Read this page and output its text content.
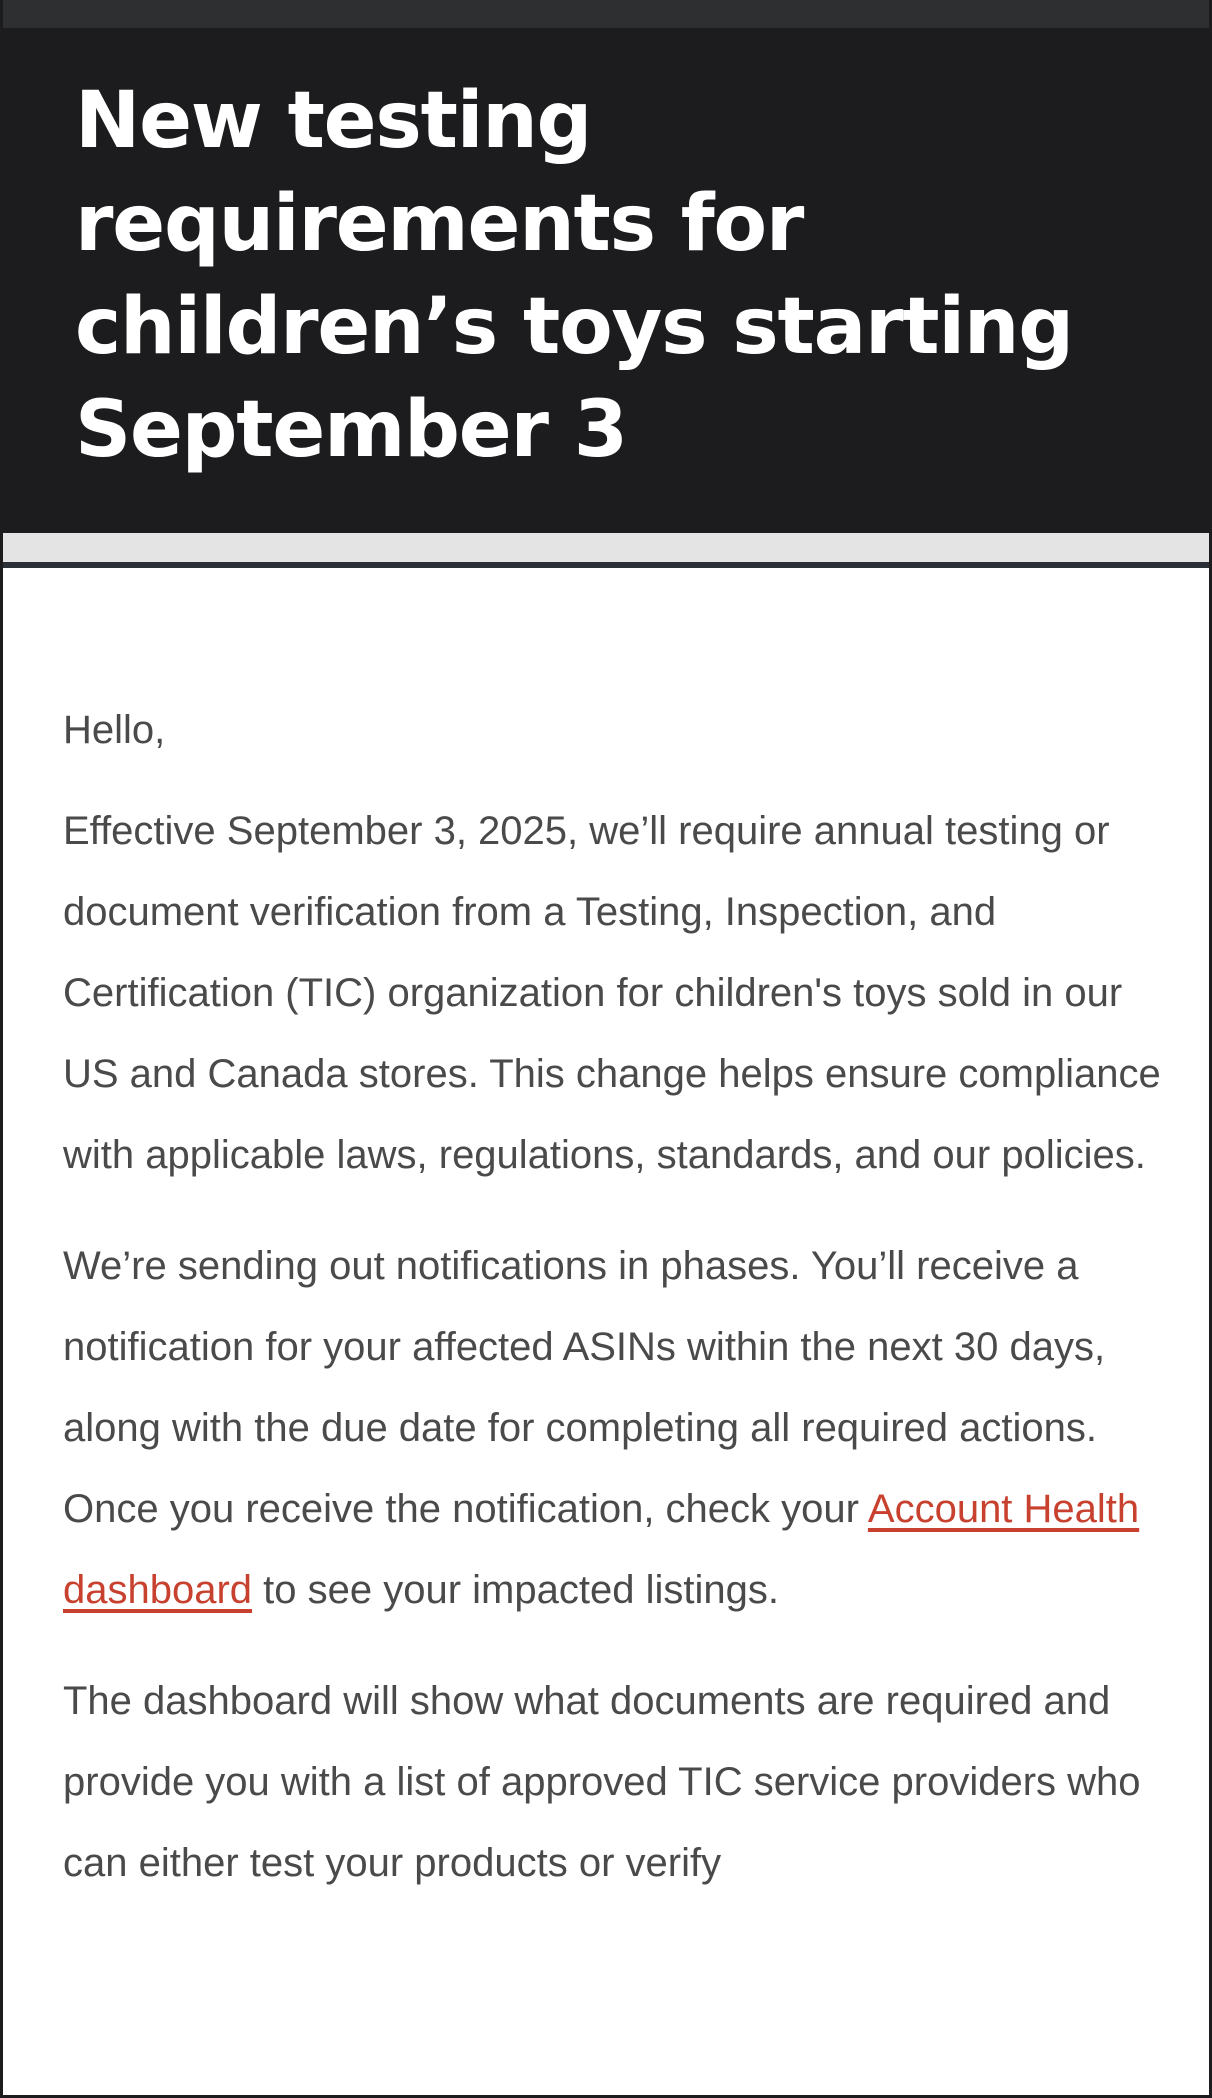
New testing requirements for children’s toys starting September 3

Hello,

Effective September 3, 2025, we’ll require annual testing or document verification from a Testing, Inspection, and Certification (TIC) organization for children's toys sold in our US and Canada stores. This change helps ensure compliance with applicable laws, regulations, standards, and our policies.

We’re sending out notifications in phases. You’ll receive a notification for your affected ASINs within the next 30 days, along with the due date for completing all required actions. Once you receive the notification, check your Account Health dashboard to see your impacted listings.

The dashboard will show what documents are required and provide you with a list of approved TIC service providers who can either test your products or verify
